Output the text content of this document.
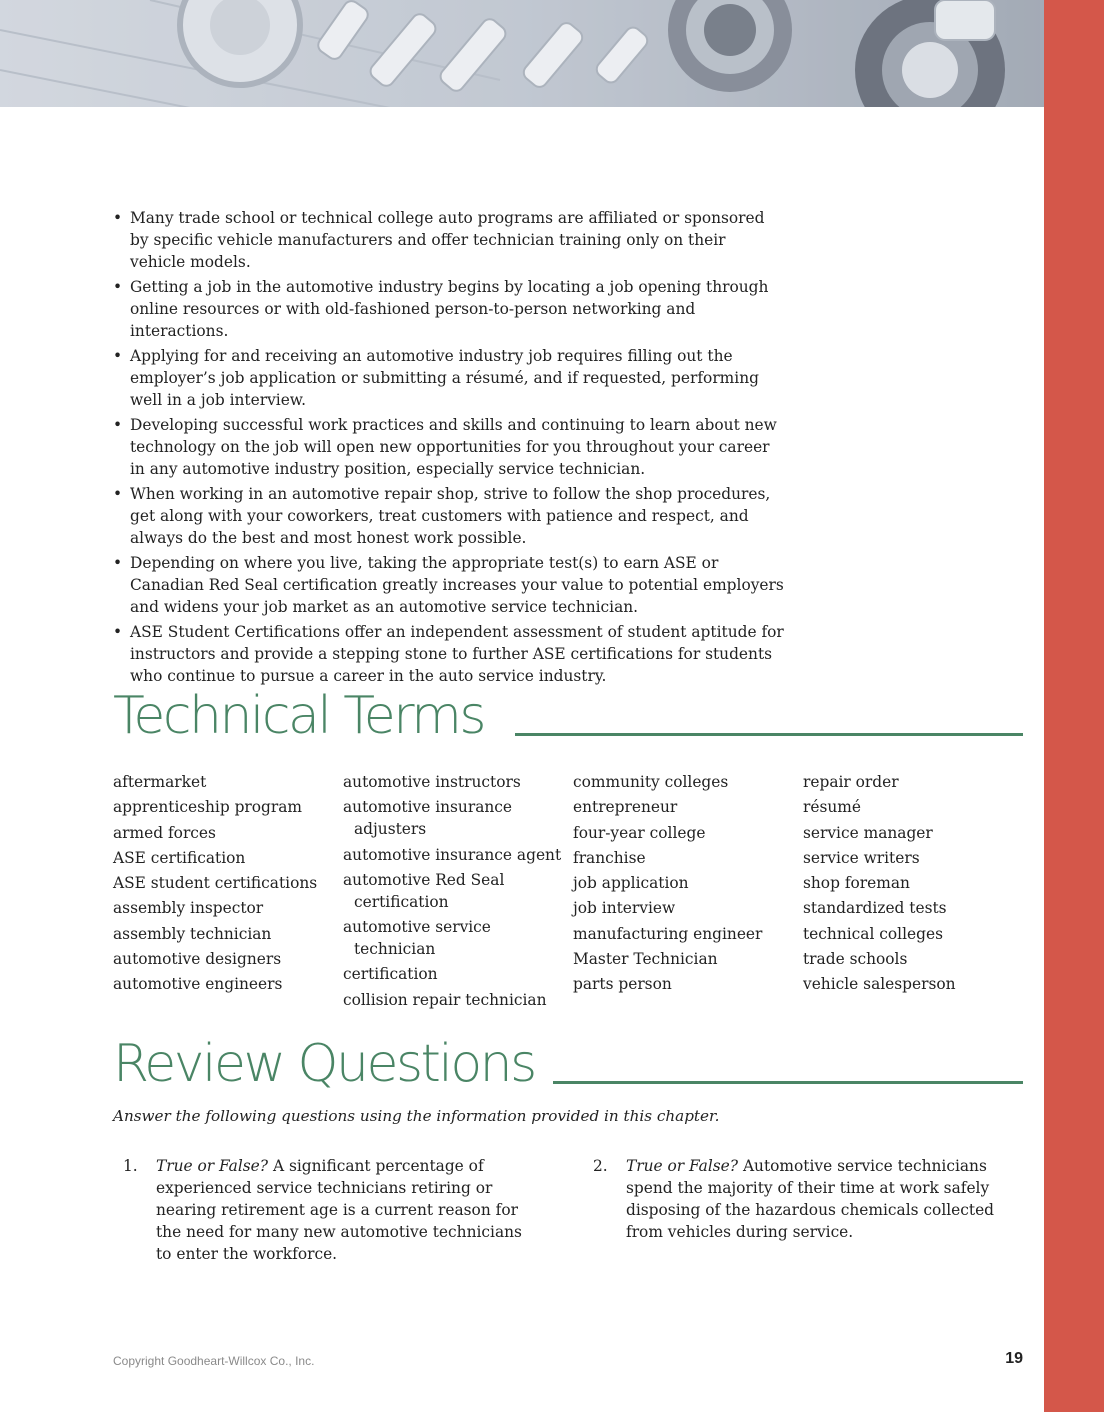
• Many trade school or technical college auto programs are affiliated or sponsored by specific vehicle manufacturers and offer technician training only on their vehicle models.
• Getting a job in the automotive industry begins by locating a job opening through online resources or with old-fashioned person-to-person networking and interactions.
• Applying for and receiving an automotive industry job requires filling out the employer’s job application or submitting a résumé, and if requested, performing well in a job interview.
• Developing successful work practices and skills and continuing to learn about new technology on the job will open new opportunities for you throughout your career in any automotive industry position, especially service technician.
• When working in an automotive repair shop, strive to follow the shop procedures, get along with your coworkers, treat customers with patience and respect, and always do the best and most honest work possible.
• Depending on where you live, taking the appropriate test(s) to earn ASE or Canadian Red Seal certification greatly increases your value to potential employers and widens your job market as an automotive service technician.
• ASE Student Certifications offer an independent assessment of student aptitude for instructors and provide a stepping stone to further ASE certifications for students who continue to pursue a career in the auto service industry.
Technical Terms
aftermarket
apprenticeship program
armed forces
ASE certification
ASE student certifications
assembly inspector
assembly technician
automotive designers
automotive engineers
automotive instructors
automotive insurance adjusters
automotive insurance agent
automotive Red Seal certification
automotive service technician
certification
collision repair technician
community colleges
entrepreneur
four-year college
franchise
job application
job interview
manufacturing engineer
Master Technician
parts person
repair order
résumé
service manager
service writers
shop foreman
standardized tests
technical colleges
trade schools
vehicle salesperson
Review Questions
Answer the following questions using the information provided in this chapter.
1. True or False? A significant percentage of experienced service technicians retiring or nearing retirement age is a current reason for the need for many new automotive technicians to enter the workforce.
2. True or False? Automotive service technicians spend the majority of their time at work safely disposing of the hazardous chemicals collected from vehicles during service.
Copyright Goodheart-Willcox Co., Inc.	19
